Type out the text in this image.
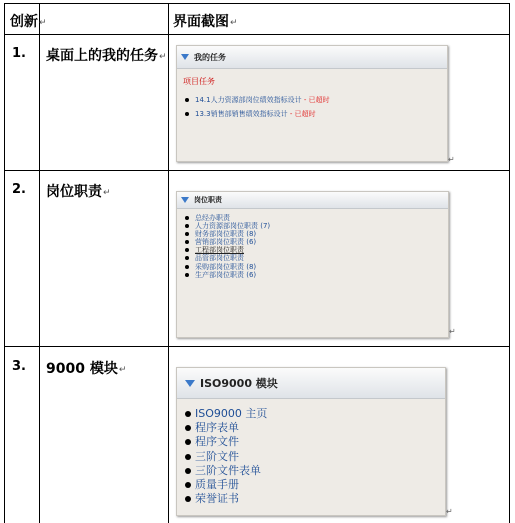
创新↵	界面截图↵
1. 桌面上的我的任务↵
2. 岗位职责↵
3. 9000 模块↵
我的任务
项目任务
14.1人力资源部岗位绩效指标设计 - 已超时
13.3销售部销售绩效指标设计 - 已超时
↵
岗位职责
总经办职责
人力资源部岗位职责 (7)
财务部岗位职责 (8)
营销部岗位职责 (6)
工程部岗位职责
品管部岗位职责
采购部岗位职责 (8)
生产部岗位职责 (6)
↵
ISO9000 模块
ISO9000 主页
程序表单
程序文件
三阶文件
三阶文件表单
质量手册
荣誉证书
↵
